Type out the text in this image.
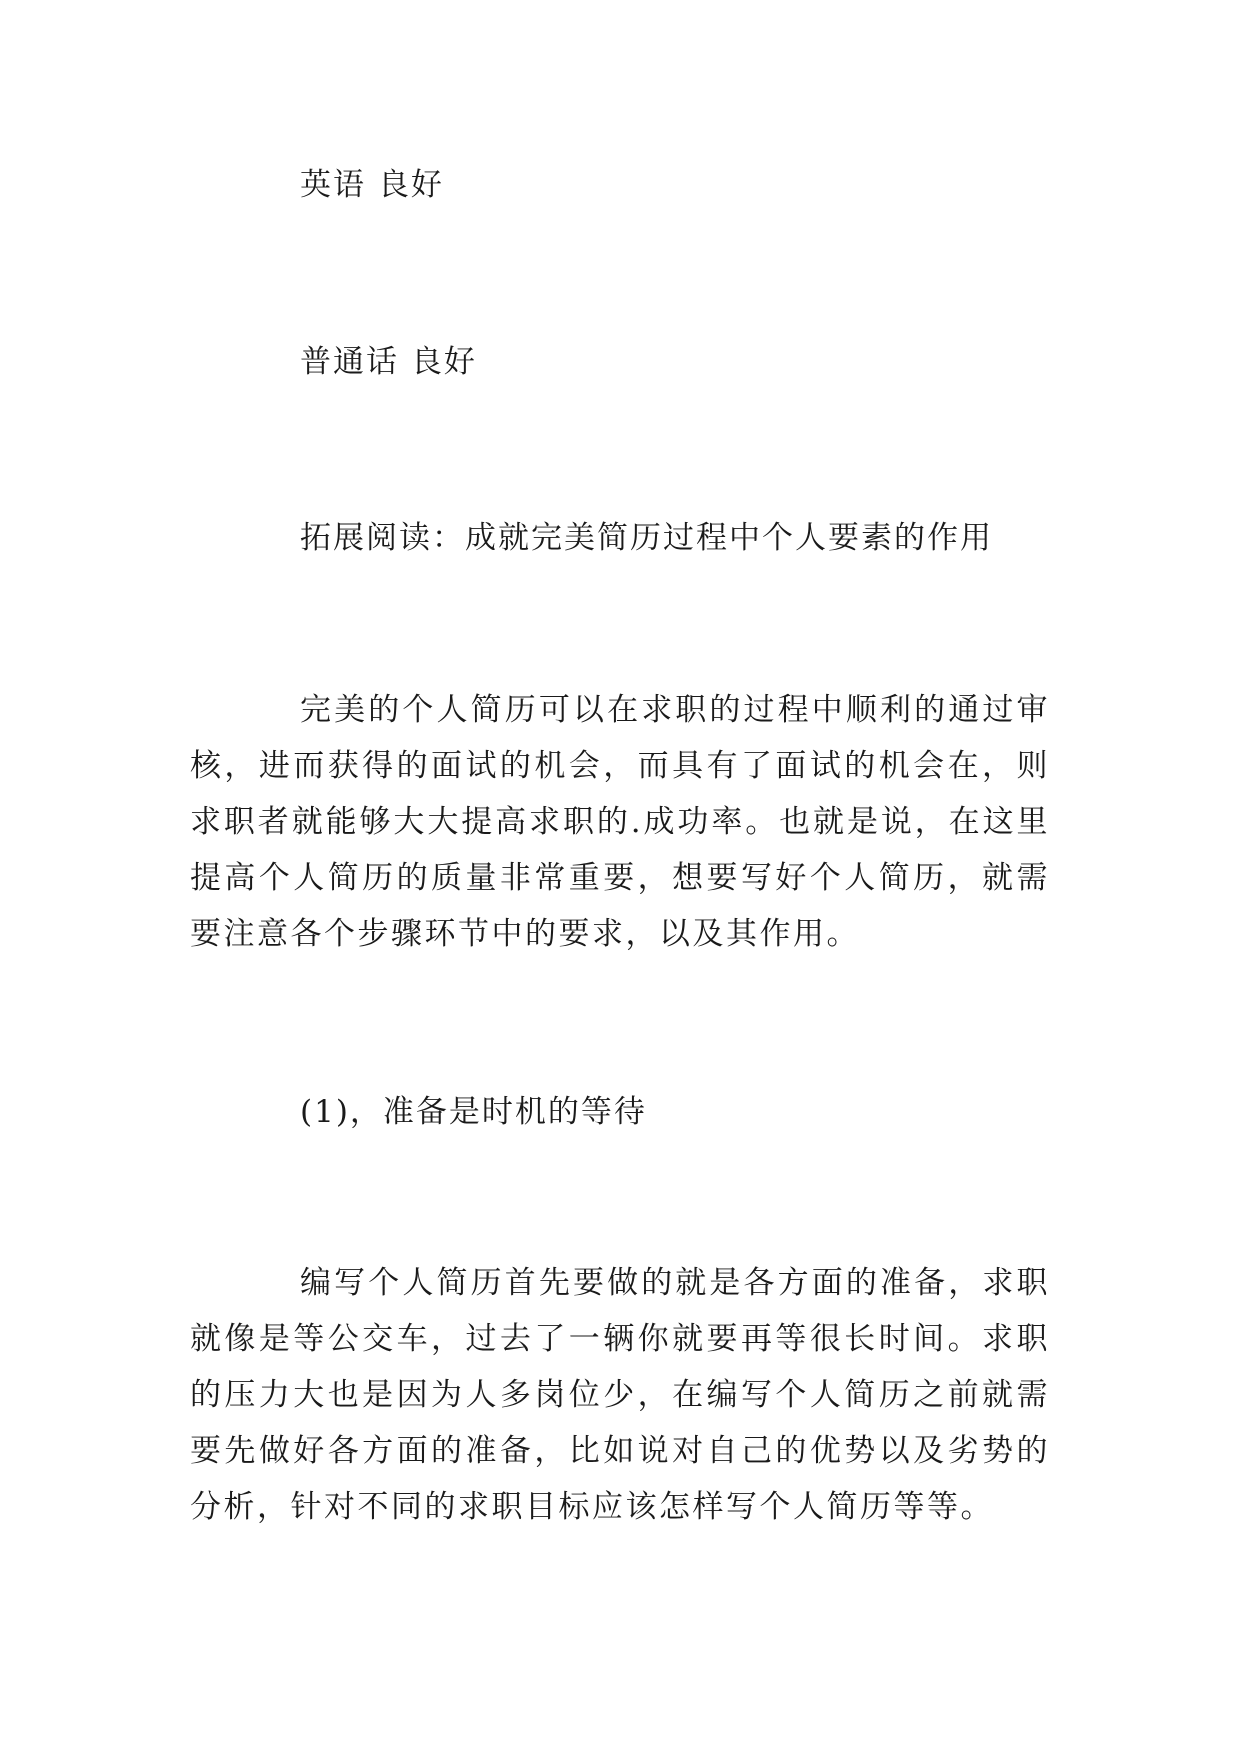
英语 良好
普通话 良好
拓展阅读：成就完美简历过程中个人要素的作用
完美的个人简历可以在求职的过程中顺利的通过审核，进而获得的面试的机会，而具有了面试的机会在，则求职者就能够大大提高求职的.成功率。也就是说，在这里提高个人简历的质量非常重要，想要写好个人简历，就需要注意各个步骤环节中的要求，以及其作用。
(1)，准备是时机的等待
编写个人简历首先要做的就是各方面的准备，求职就像是等公交车，过去了一辆你就要再等很长时间。求职的压力大也是因为人多岗位少，在编写个人简历之前就需要先做好各方面的准备，比如说对自己的优势以及劣势的分析，针对不同的求职目标应该怎样写个人简历等等。
